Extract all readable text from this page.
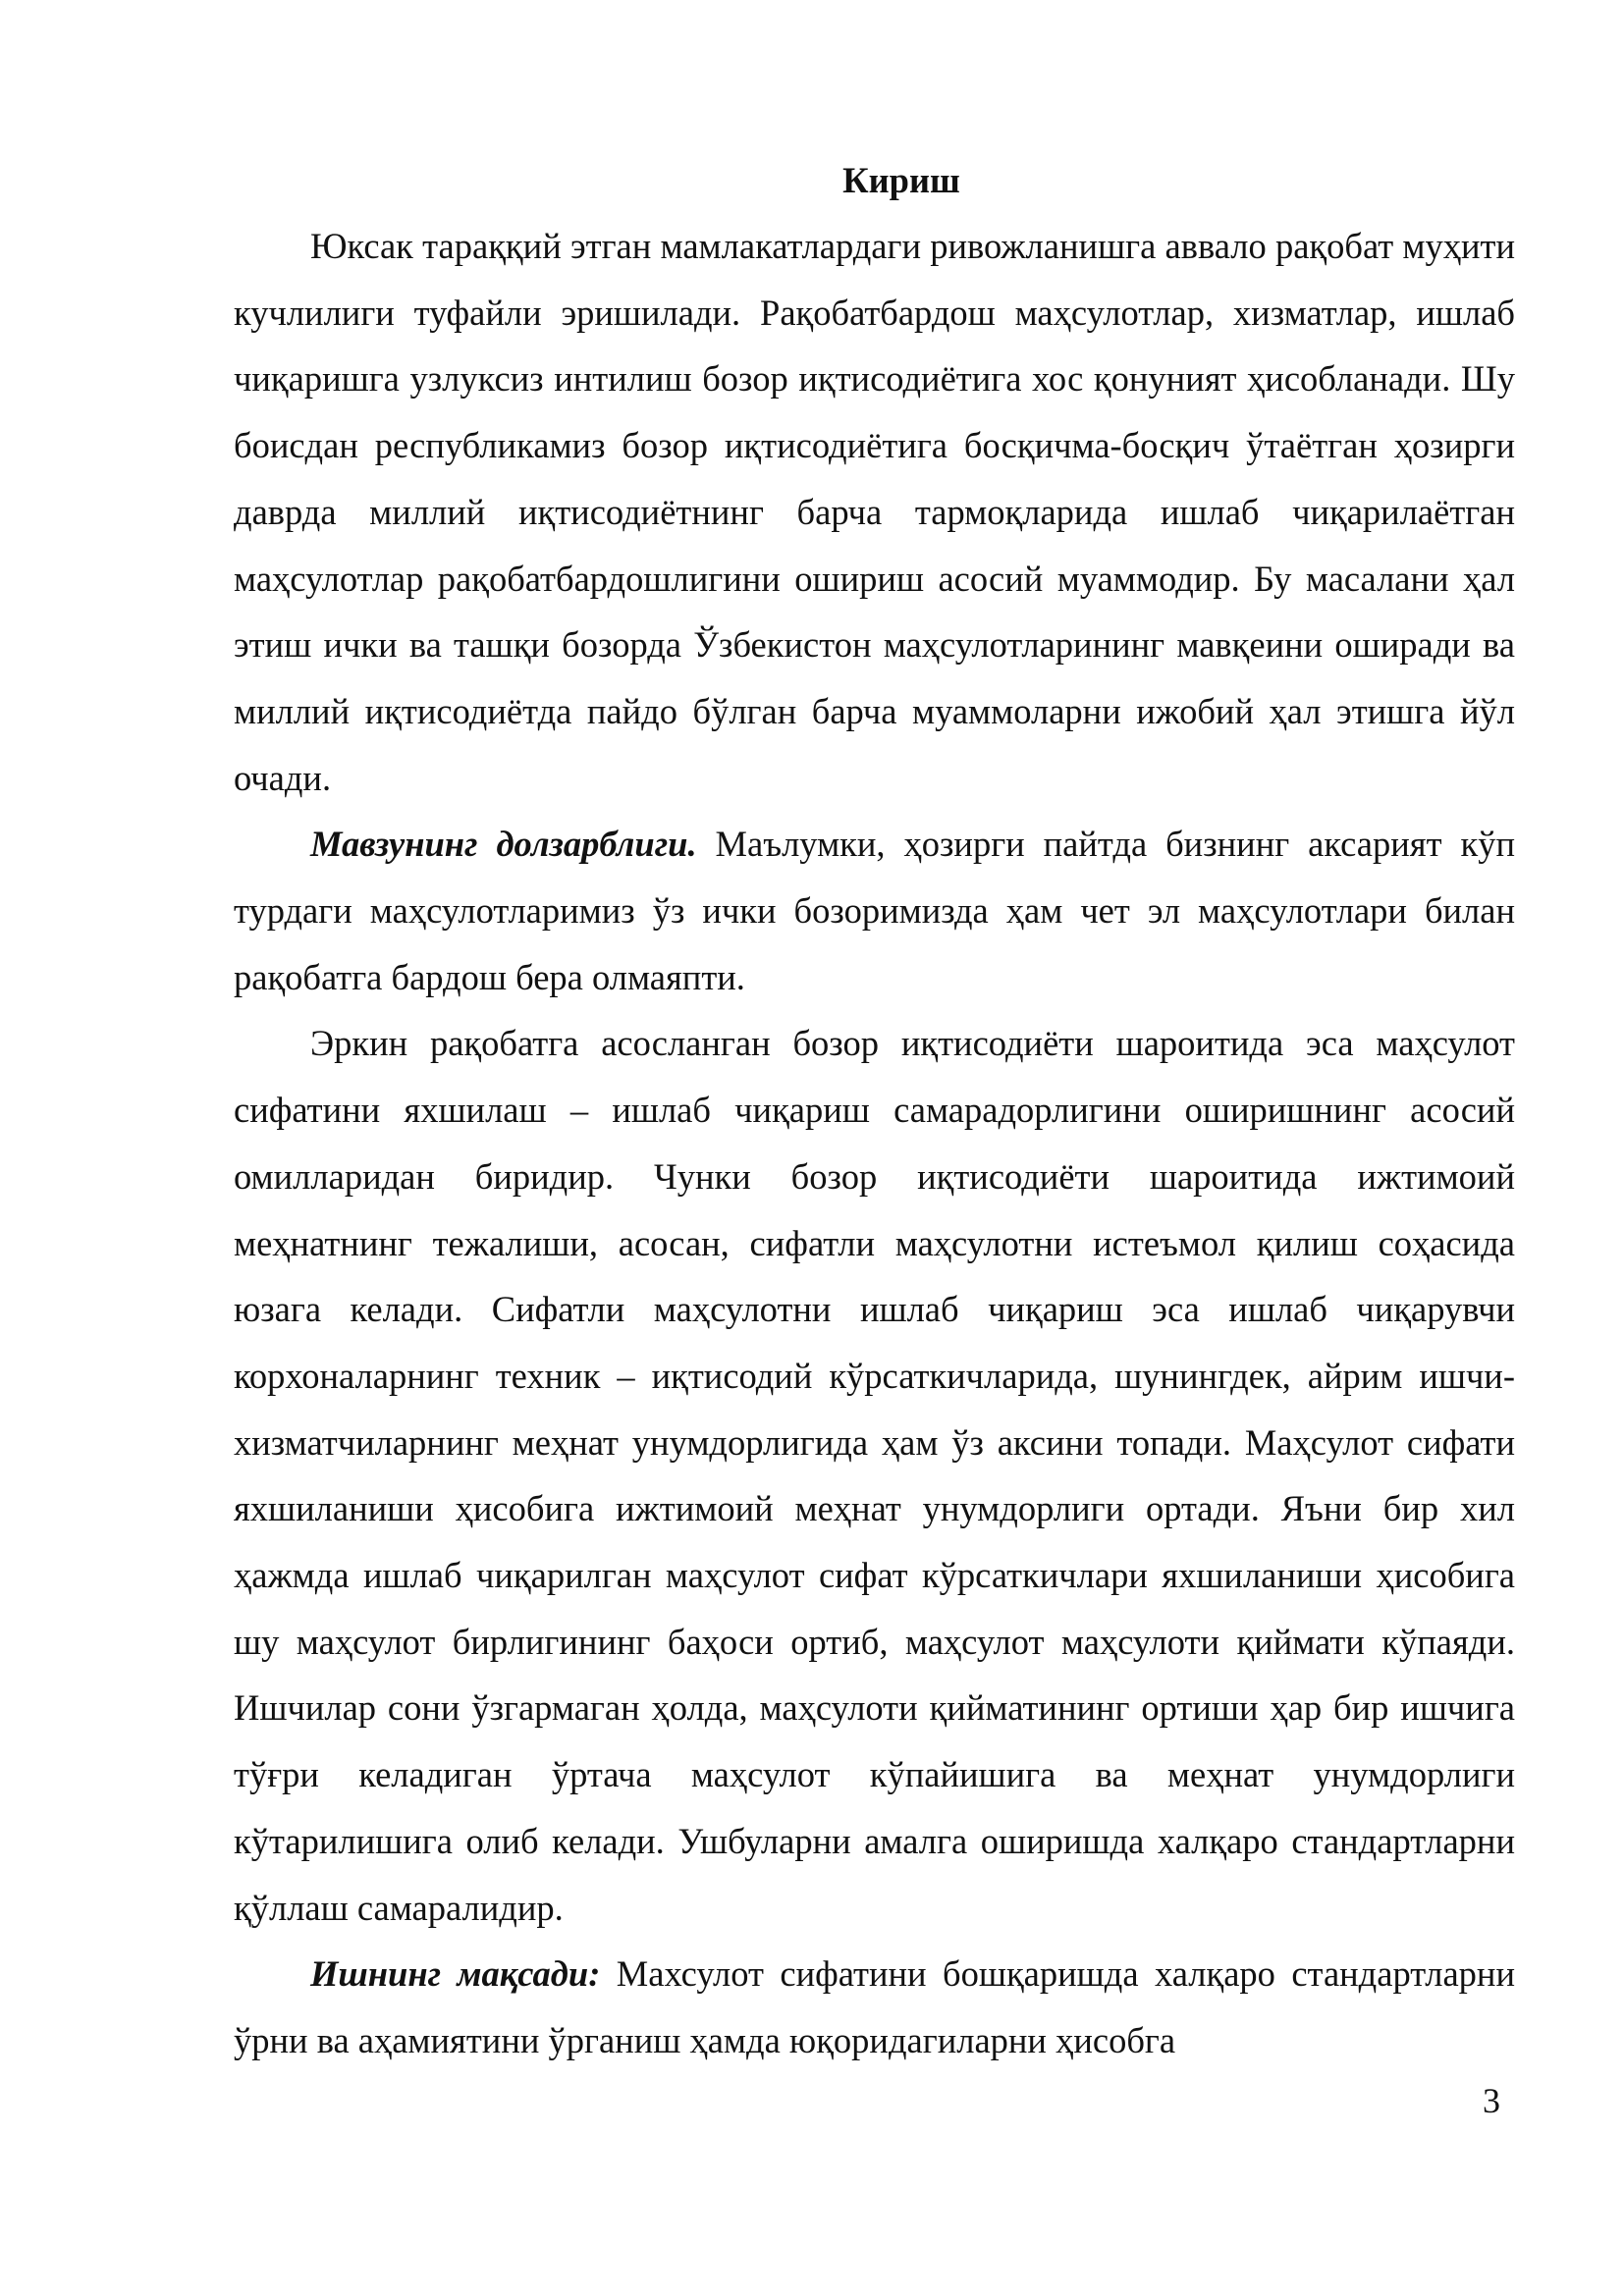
Кириш

Юксак тараққий этган мамлакатлардаги ривожланишга аввало рақобат муҳити кучлилиги туфайли эришилади. Рақобатбардош маҳсулотлар, хизматлар, ишлаб чиқаришга узлуксиз интилиш бозор иқтисодиётига хос қонуният ҳисобланади. Шу боисдан республикамиз бозор иқтисодиётига босқичма-босқич ўтаётган ҳозирги даврда миллий иқтисодиётнинг барча тармоқларида ишлаб чиқарилаётган маҳсулотлар рақобатбардошлигини ошириш асосий муаммодир. Бу масалани ҳал этиш ички ва ташқи бозорда Ўзбекистон маҳсулотларининг мавқеини оширади ва миллий иқтисодиётда пайдо бўлган барча муаммоларни ижобий ҳал этишга йўл очади.

Мавзунинг долзарблиги. Маълумки, ҳозирги пайтда бизнинг аксарият кўп турдаги маҳсулотларимиз ўз ички бозоримизда ҳам чет эл маҳсулотлари билан рақобатга бардош бера олмаяпти.

Эркин рақобатга асосланган бозор иқтисодиёти шароитида эса маҳсулот сифатини яхшилаш – ишлаб чиқариш самарадорлигини оширишнинг асосий омилларидан биридир. Чунки бозор иқтисодиёти шароитида ижтимоий меҳнатнинг тежалиши, асосан, сифатли маҳсулотни истеъмол қилиш соҳасида юзага келади. Сифатли маҳсулотни ишлаб чиқариш эса ишлаб чиқарувчи корхоналарнинг техник – иқтисодий кўрсаткичларида, шунингдек, айрим ишчи-хизматчиларнинг меҳнат унумдорлигида ҳам ўз аксини топади. Маҳсулот сифати яхшиланиши ҳисобига ижтимоий меҳнат унумдорлиги ортади. Яъни бир хил ҳажмда ишлаб чиқарилган маҳсулот сифат кўрсаткичлари яхшиланиши ҳисобига шу маҳсулот бирлигининг баҳоси ортиб, маҳсулот маҳсулоти қиймати кўпаяди. Ишчилар сони ўзгармаган ҳолда, маҳсулоти қийматининг ортиши ҳар бир ишчига тўғри келадиган ўртача маҳсулот кўпайишига ва меҳнат унумдорлиги кўтарилишига олиб келади. Ушбуларни амалга оширишда халқаро стандартларни қўллаш самаралидир.

Ишнинг мақсади: Махсулот сифатини бошқаришда халқаро стандартларни ўрни ва аҳамиятини ўрганиш ҳамда юқоридагиларни ҳисобга

3
